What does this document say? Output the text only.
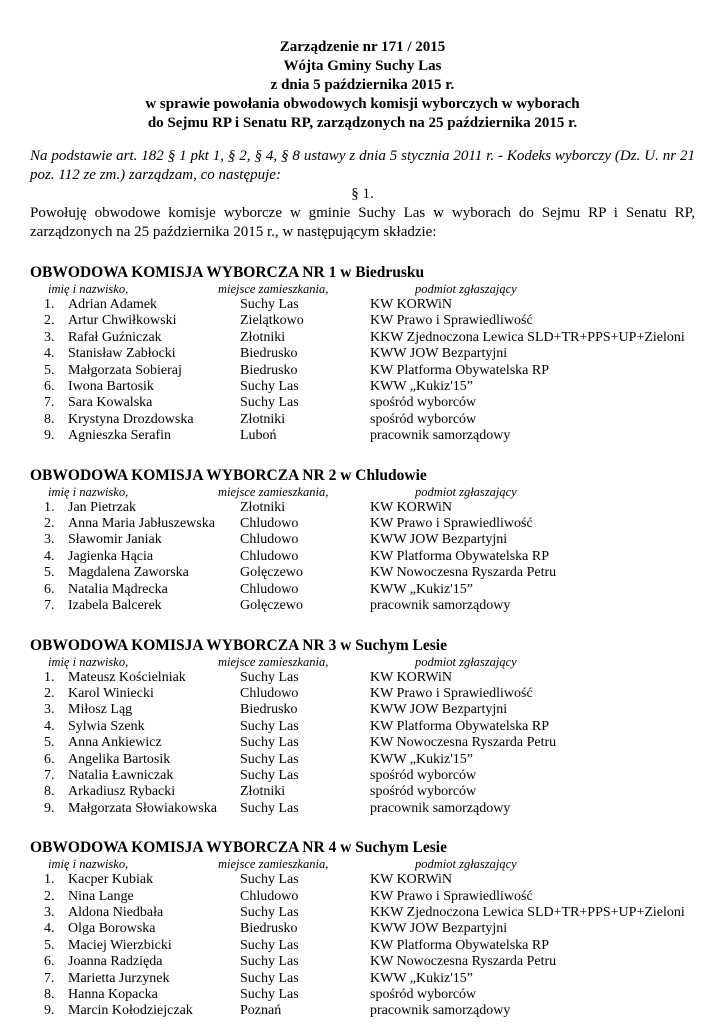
Zarządzenie nr 171 / 2015
Wójta Gminy Suchy Las
z dnia 5 października 2015 r.
w sprawie powołania obwodowych komisji wyborczych w wyborach
do Sejmu RP i Senatu RP, zarządzonych na 25 października 2015 r.

Na podstawie art. 182 § 1 pkt 1, § 2, § 4, § 8 ustawy z dnia 5 stycznia 2011 r. - Kodeks wyborczy (Dz. U. nr 21 poz. 112 ze zm.) zarządzam, co następuje:

§ 1.

Powołuję obwodowe komisje wyborcze w gminie Suchy Las w wyborach do Sejmu RP i Senatu RP, zarządzonych na 25 października 2015 r., w następującym składzie:

OBWODOWA KOMISJA WYBORCZA NR 1 w Biedrusku
imię i nazwisko,	miejsce zamieszkania,	podmiot zgłaszający
1. Adrian Adamek	Suchy Las	KW KORWiN
2. Artur Chwiłkowski	Zielątkowo	KW Prawo i Sprawiedliwość
3. Rafał Guźniczak	Złotniki	KKW Zjednoczona Lewica SLD+TR+PPS+UP+Zieloni
4. Stanisław Zabłocki	Biedrusko	KWW JOW Bezpartyjni
5. Małgorzata Sobieraj	Biedrusko	KW Platforma Obywatelska RP
6. Iwona Bartosik	Suchy Las	KWW „Kukiz'15”
7. Sara Kowalska	Suchy Las	spośród wyborców
8. Krystyna Drozdowska	Złotniki	spośród wyborców
9. Agnieszka Serafin	Luboń	pracownik samorządowy
OBWODOWA KOMISJA WYBORCZA NR 2 w Chludowie
imię i nazwisko,	miejsce zamieszkania,	podmiot zgłaszający
1. Jan Pietrzak	Złotniki	KW KORWiN
2. Anna Maria Jabłuszewska	Chludowo	KW Prawo i Sprawiedliwość
3. Sławomir Janiak	Chludowo	KWW JOW Bezpartyjni
4. Jagienka Hącia	Chludowo	KW Platforma Obywatelska RP
5. Magdalena Zaworska	Golęczewo	KW Nowoczesna Ryszarda Petru
6. Natalia Mądrecka	Chludowo	KWW „Kukiz'15”
7. Izabela Balcerek	Golęczewo	pracownik samorządowy
OBWODOWA KOMISJA WYBORCZA NR 3 w Suchym Lesie
imię i nazwisko,	miejsce zamieszkania,	podmiot zgłaszający
1. Mateusz Kościelniak	Suchy Las	KW KORWiN
2. Karol Winiecki	Chludowo	KW Prawo i Sprawiedliwość
3. Miłosz Ląg	Biedrusko	KWW JOW Bezpartyjni
4. Sylwia Szenk	Suchy Las	KW Platforma Obywatelska RP
5. Anna Ankiewicz	Suchy Las	KW Nowoczesna Ryszarda Petru
6. Angelika Bartosik	Suchy Las	KWW „Kukiz'15”
7. Natalia Ławniczak	Suchy Las	spośród wyborców
8. Arkadiusz Rybacki	Złotniki	spośród wyborców
9. Małgorzata Słowiakowska	Suchy Las	pracownik samorządowy
OBWODOWA KOMISJA WYBORCZA NR 4 w Suchym Lesie
imię i nazwisko,	miejsce zamieszkania,	podmiot zgłaszający
1. Kacper Kubiak	Suchy Las	KW KORWiN
2. Nina Lange	Chludowo	KW Prawo i Sprawiedliwość
3. Aldona Niedbała	Suchy Las	KKW Zjednoczona Lewica SLD+TR+PPS+UP+Zieloni
4. Olga Borowska	Biedrusko	KWW JOW Bezpartyjni
5. Maciej Wierzbicki	Suchy Las	KW Platforma Obywatelska RP
6. Joanna Radzięda	Suchy Las	KW Nowoczesna Ryszarda Petru
7. Marietta Jurzynek	Suchy Las	KWW „Kukiz'15”
8. Hanna Kopacka	Suchy Las	spośród wyborców
9. Marcin Kołodziejczak	Poznań	pracownik samorządowy
